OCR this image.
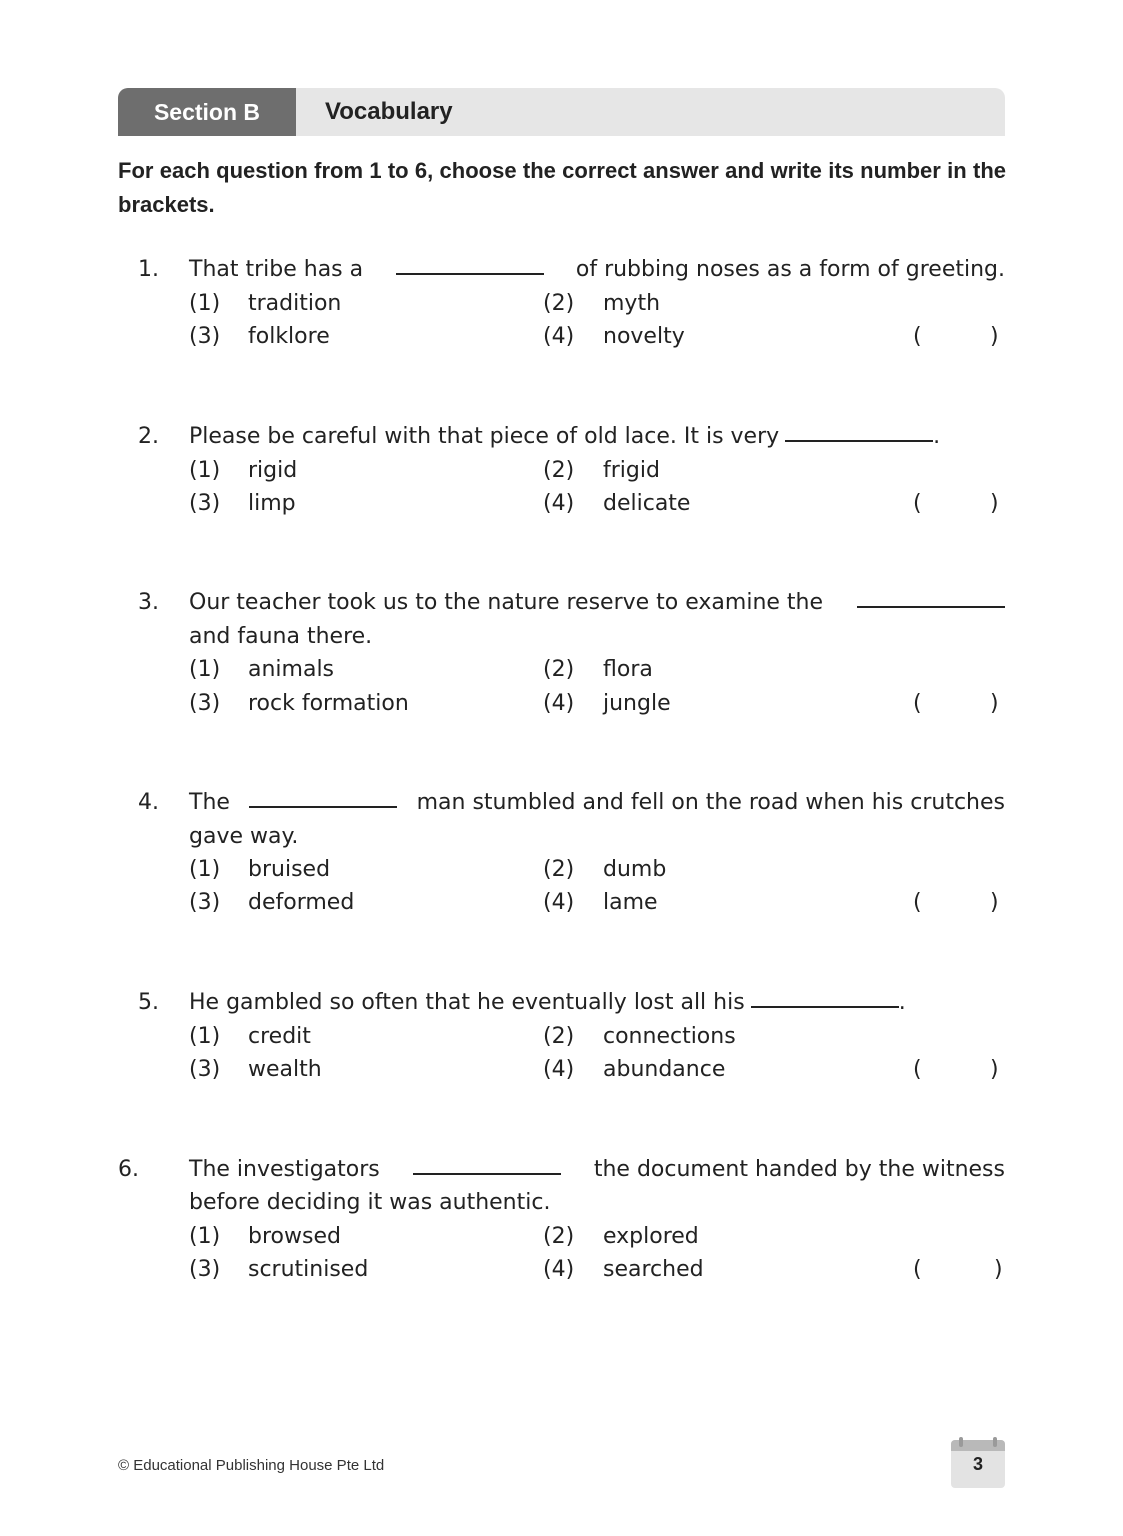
Section B	Vocabulary
For each question from 1 to 6, choose the correct answer and write its number in the brackets.
1. That tribe has a	of rubbing noses as a form of greeting.
(1) tradition	(2) myth
(3) folklore	(4) novelty	(	)
2. Please be careful with that piece of old lace. It is very	.
(1) rigid	(2) frigid
(3) limp	(4) delicate	(	)
3. Our teacher took us to the nature reserve to examine the
and fauna there.
(1) animals	(2) flora
(3) rock formation	(4) jungle	(	)
4. The	man stumbled and fell on the road when his crutches
gave way.
(1) bruised	(2) dumb
(3) deformed	(4) lame	(	)
5. He gambled so often that he eventually lost all his	.
(1) credit	(2) connections
(3) wealth	(4) abundance	(	)
6. The investigators	the document handed by the witness
before deciding it was authentic.
(1) browsed	(2) explored
(3) scrutinised	(4) searched	(	)
© Educational Publishing House Pte Ltd	3
